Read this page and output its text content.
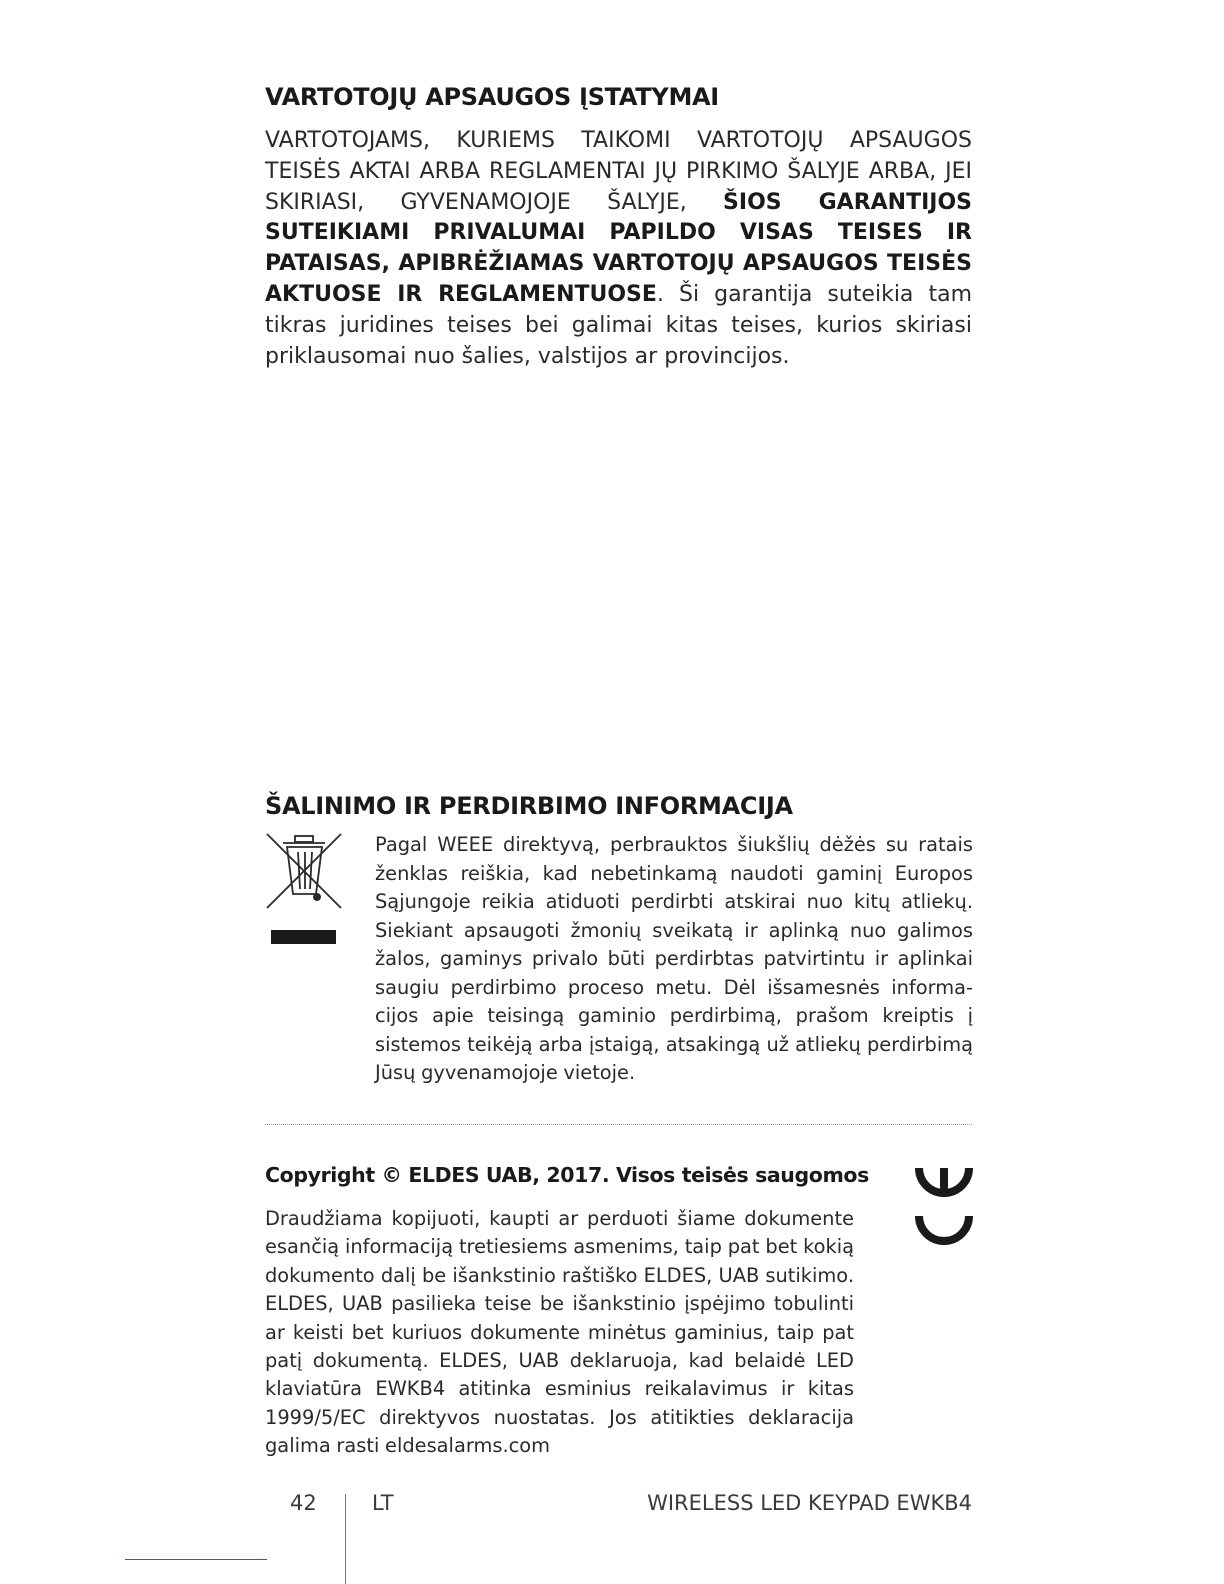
VARTOTOJŲ APSAUGOS ĮSTATYMAI
VARTOTOJAMS, KURIEMS TAIKOMI VARTOTOJŲ APSAUGOS TEISĖS AKTAI ARBA REGLAMENTAI JŲ PIRKIMO ŠALYJE ARBA, JEI SKIRIASI, GYVENAMOJOJE ŠALYJE, ŠIOS GARANTIJOS SUTEIKIAMI PRIVALUMAI PAPILDO VISAS TEISES IR PATAISAS, APIBRĖŽIAMAS VARTOTOJŲ APSAUGOS TEISĖS AKTUOSE IR REGLAMENTUOSE. Ši garantija suteikia tam tikras juridines teises bei galimai kitas teises, kurios skiriasi priklausomai nuo šalies, valstijos ar provincijos.
ŠALINIMO IR PERDIRBIMO INFORMACIJA
Pagal WEEE direktyvą, perbrauktos šiukšlių dėžės su ratais ženklas reiškia, kad nebetinkamą naudoti gaminį Europos Sąjungoje reikia atiduoti perdirbti atskirai nuo kitų atliekų. Siekiant apsaugoti žmonių sveikatą ir aplinką nuo galimos žalos, gaminys privalo būti perdirbtas patvirtintu ir aplinkai saugiu perdirbimo proceso metu. Dėl išsamesnės informacijos apie teisingą gaminio perdirbimą, prašom kreiptis į sistemos teikėją arba įstaigą, atsakingą už atliekų perdirbimą Jūsų gyvenamojoje vietoje.
Copyright © ELDES UAB, 2017. Visos teisės saugomos
Draudžiama kopijuoti, kaupti ar perduoti šiame dokumente esančią informaciją tretiesiems asmenims, taip pat bet kokią dokumento dalį be išankstinio raštiško ELDES, UAB sutikimo. ELDES, UAB pasilieka teise be išankstinio įspėjimo tobulinti ar keisti bet kuriuos dokumente minėtus gaminius, taip pat patį dokumentą. ELDES, UAB deklaruoja, kad belaidė LED klaviatūra EWKB4 atitinka esminius reikalavimus ir kitas 1999/5/EC direktyvos nuostatas. Jos atitikties deklaracija galima rasti eldesalarms.com
42	LT	WIRELESS LED KEYPAD EWKB4
